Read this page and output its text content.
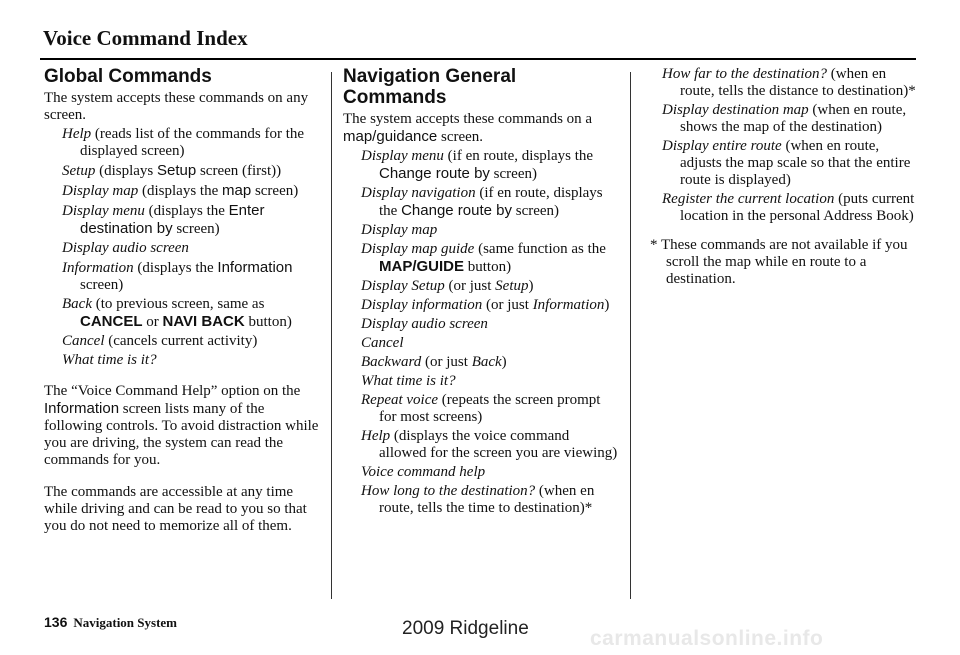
Voice Command Index
Global Commands

The system accepts these commands on any screen.

Help (reads list of the commands for the displayed screen)

Setup (displays Setup screen (first))

Display map (displays the map screen)

Display menu (displays the Enter destination by screen)

Display audio screen

Information (displays the Information screen)

Back (to previous screen, same as CANCEL or NAVI BACK button)

Cancel (cancels current activity)

What time is it?

The “Voice Command Help” option on the Information screen lists many of the following controls. To avoid distraction while you are driving, the system can read the commands for you.

The commands are accessible at any time while driving and can be read to you so that you do not need to memorize all of them.

Navigation General
Commands

The system accepts these commands on a map/guidance screen.

Display menu (if en route, displays the Change route by screen)

Display navigation (if en route, displays the Change route by screen)

Display map

Display map guide (same function as the MAP/GUIDE button)

Display Setup (or just Setup)

Display information (or just Information)

Display audio screen

Cancel

Backward (or just Back)

What time is it?

Repeat voice (repeats the screen prompt for most screens)

Help (displays the voice command allowed for the screen you are viewing)

Voice command help

How long to the destination? (when en route, tells the time to destination)*

How far to the destination? (when en route, tells the distance to destination)*

Display destination map (when en route, shows the map of the destination)

Display entire route (when en route, adjusts the map scale so that the entire route is displayed)

Register the current location (puts current location in the personal Address Book)

* These commands are not available if you scroll the map while en route to a destination.

136 Navigation System	2009 Ridgeline	carmanualsonline.info
